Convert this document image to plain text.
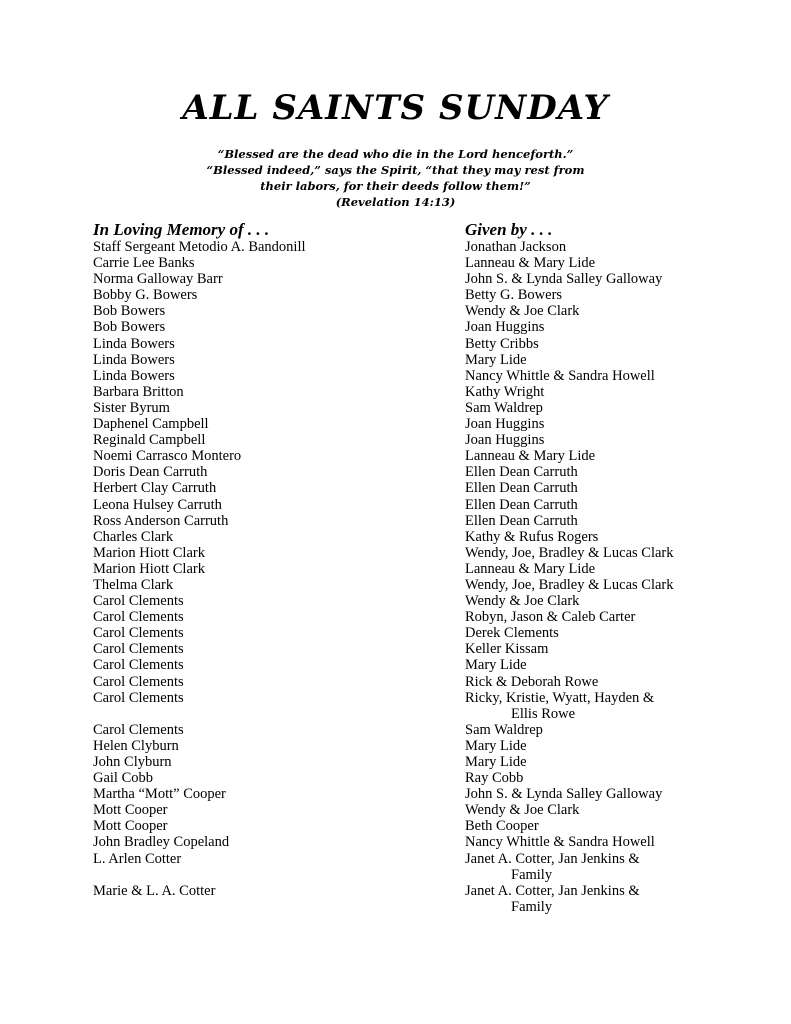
ALL SAINTS SUNDAY
“Blessed are the dead who die in the Lord henceforth.”
“Blessed indeed,” says the Spirit, “that they may rest from
their labors, for their deeds follow them!”
(Revelation 14:13)
In Loving Memory of . . .
Staff Sergeant Metodio A. Bandonill
Carrie Lee Banks
Norma Galloway Barr
Bobby G. Bowers
Bob Bowers
Bob Bowers
Linda Bowers
Linda Bowers
Linda Bowers
Barbara Britton
Sister Byrum
Daphenel Campbell
Reginald Campbell
Noemi Carrasco Montero
Doris Dean Carruth
Herbert Clay Carruth
Leona Hulsey Carruth
Ross Anderson Carruth
Charles Clark
Marion Hiott Clark
Marion Hiott Clark
Thelma Clark
Carol Clements
Carol Clements
Carol Clements
Carol Clements
Carol Clements
Carol Clements
Carol Clements
Carol Clements
Helen Clyburn
John Clyburn
Gail Cobb
Martha “Mott” Cooper
Mott Cooper
Mott Cooper
John Bradley Copeland
L. Arlen Cotter
Marie & L. A. Cotter
Given by . . .
Jonathan Jackson
Lanneau & Mary Lide
John S. & Lynda Salley Galloway
Betty G. Bowers
Wendy & Joe Clark
Joan Huggins
Betty Cribbs
Mary Lide
Nancy Whittle & Sandra Howell
Kathy Wright
Sam Waldrep
Joan Huggins
Joan Huggins
Lanneau & Mary Lide
Ellen Dean Carruth
Ellen Dean Carruth
Ellen Dean Carruth
Ellen Dean Carruth
Kathy & Rufus Rogers
Wendy, Joe, Bradley & Lucas Clark
Lanneau & Mary Lide
Wendy, Joe, Bradley & Lucas Clark
Wendy & Joe Clark
Robyn, Jason & Caleb Carter
Derek Clements
Keller Kissam
Mary Lide
Rick & Deborah Rowe
Ricky, Kristie, Wyatt, Hayden &
Ellis Rowe
Sam Waldrep
Mary Lide
Mary Lide
Ray Cobb
John S. & Lynda Salley Galloway
Wendy & Joe Clark
Beth Cooper
Nancy Whittle & Sandra Howell
Janet A. Cotter, Jan Jenkins &
Family
Janet A. Cotter, Jan Jenkins &
Family
